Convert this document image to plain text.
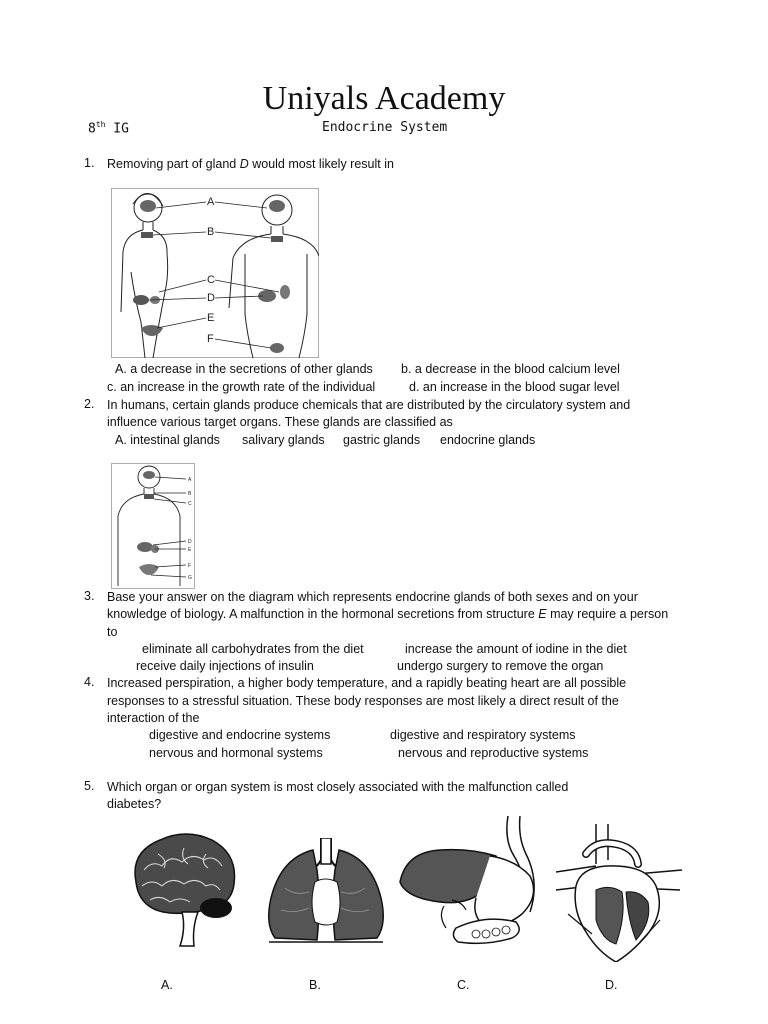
Uniyals Academy
8th IG	Endocrine System
1. Removing part of gland D would most likely result in
A
B
C
D
E
F
A. a decrease in the secretions of other glands b. a decrease in the blood calcium level
c. an increase in the growth rate of the individual	d. an increase in the blood sugar level
2. In humans, certain glands produce chemicals that are distributed by the circulatory system and
influence various target organs. These glands are classified as
A. intestinal glands salivary glands gastric glands endocrine glands
A
B
C
D
E
F
G
3. Base your answer on the diagram which represents endocrine glands of both sexes and on your
knowledge of biology. A malfunction in the hormonal secretions from structure E may require a person
to
eliminate all carbohydrates from the diet	increase the amount of iodine in the diet
receive daily injections of insulin	undergo surgery to remove the organ
4. Increased perspiration, a higher body temperature, and a rapidly beating heart are all possible
responses to a stressful situation. These body responses are most likely a direct result of the
interaction of the
digestive and endocrine systems	digestive and respiratory systems
nervous and hormonal systems	nervous and reproductive systems
5. Which organ or organ system is most closely associated with the malfunction called
diabetes?
A.	B.	C.	D.
